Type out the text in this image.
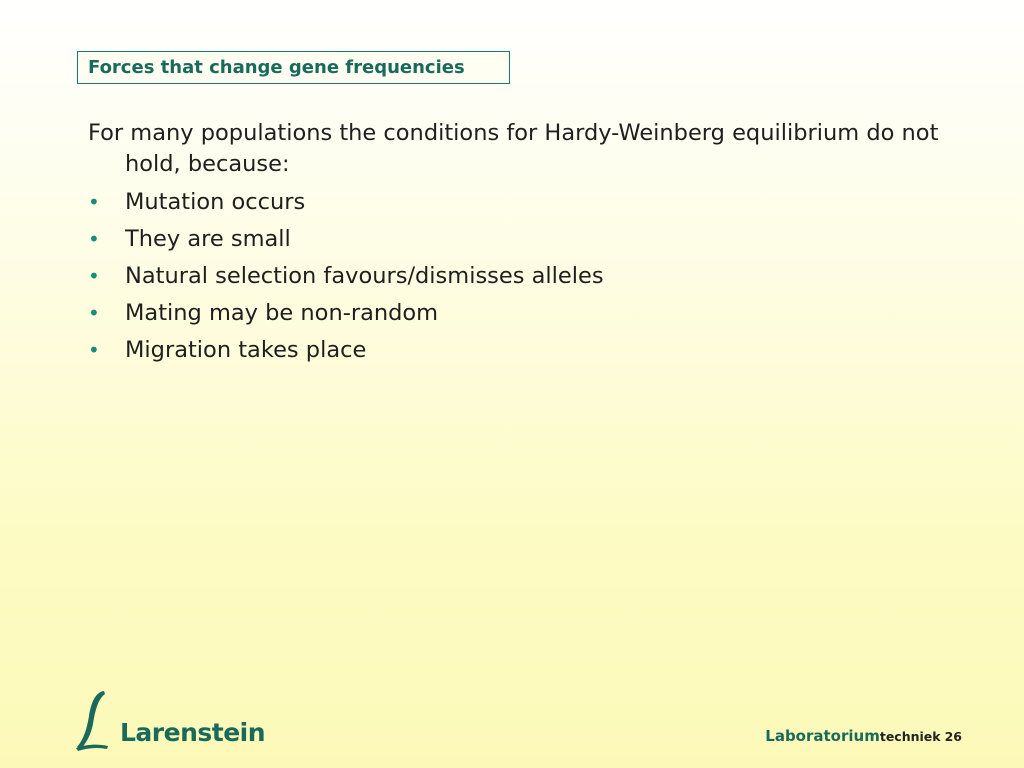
Forces that change gene frequencies

For many populations the conditions for Hardy-Weinberg equilibrium do not hold, because:

• Mutation occurs
• They are small
• Natural selection favours/dismisses alleles
• Mating may be non-random
• Migration takes place
Larenstein	Laboratoriumtechniek 26
